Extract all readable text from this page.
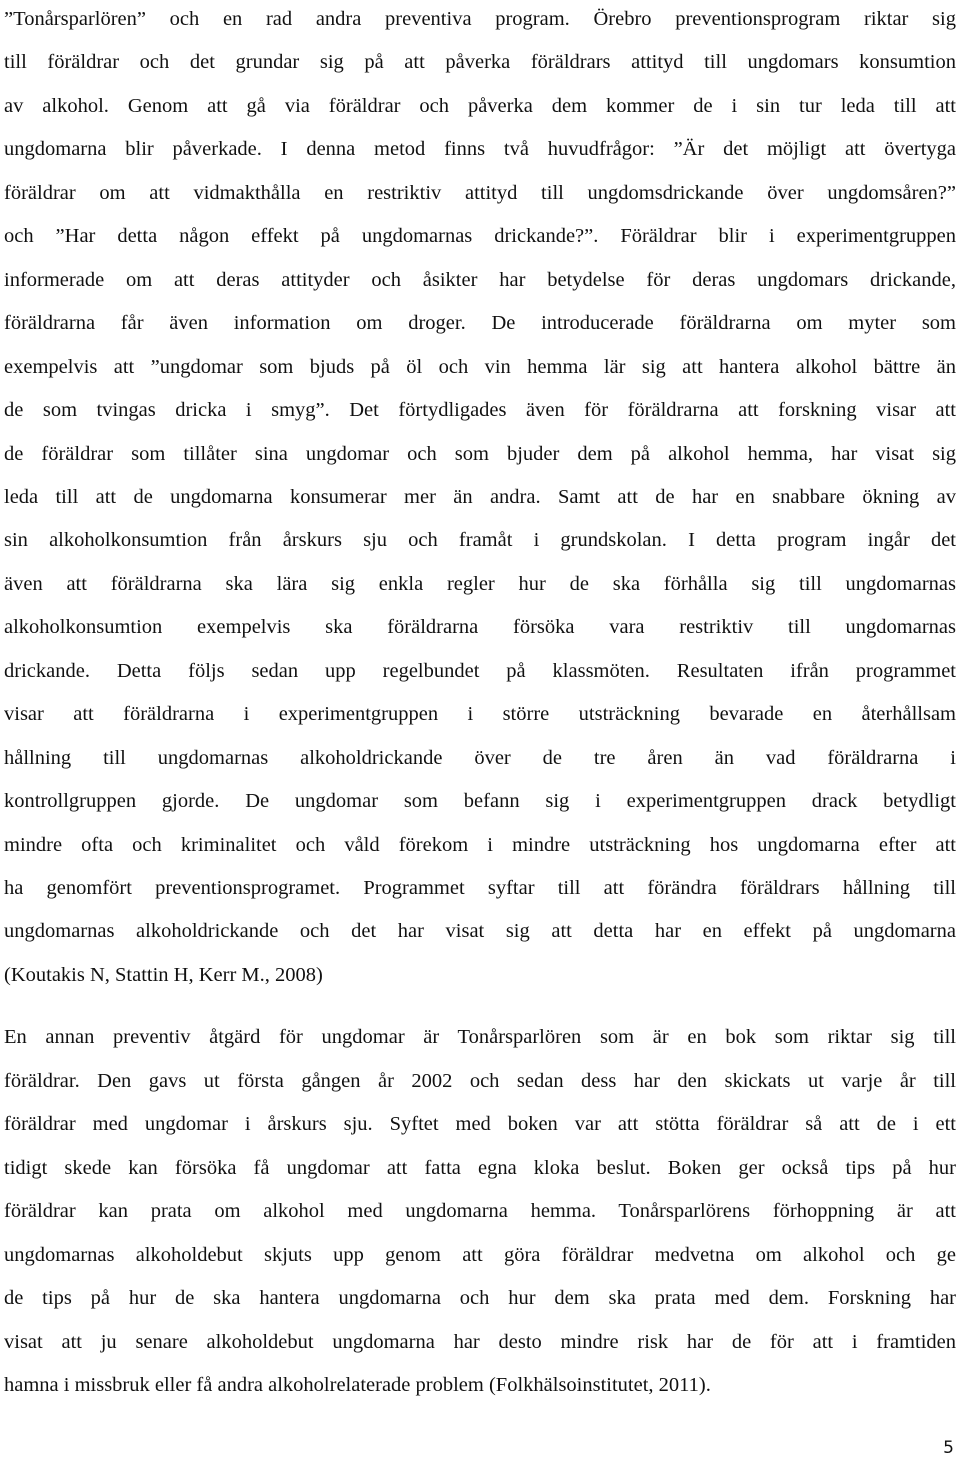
”Tonårsparlören” och en rad andra preventiva program. Örebro preventionsprogram riktar sig
till föräldrar och det grundar sig på att påverka föräldrars attityd till ungdomars konsumtion
av alkohol. Genom att gå via föräldrar och påverka dem kommer de i sin tur leda till att
ungdomarna blir påverkade. I denna metod finns två huvudfrågor: ”Är det möjligt att övertyga
föräldrar om att vidmakthålla en restriktiv attityd till ungdomsdrickande över ungdomsåren?”
och ”Har detta någon effekt på ungdomarnas drickande?”. Föräldrar blir i experimentgruppen
informerade om att deras attityder och åsikter har betydelse för deras ungdomars drickande,
föräldrarna får även information om droger. De introducerade föräldrarna om myter som
exempelvis att ”ungdomar som bjuds på öl och vin hemma lär sig att hantera alkohol bättre än
de som tvingas dricka i smyg”. Det förtydligades även för föräldrarna att forskning visar att
de föräldrar som tillåter sina ungdomar och som bjuder dem på alkohol hemma, har visat sig
leda till att de ungdomarna konsumerar mer än andra. Samt att de har en snabbare ökning av
sin alkoholkonsumtion från årskurs sju och framåt i grundskolan. I detta program ingår det
även att föräldrarna ska lära sig enkla regler hur de ska förhålla sig till ungdomarnas
alkoholkonsumtion exempelvis ska föräldrarna försöka vara restriktiv till ungdomarnas
drickande. Detta följs sedan upp regelbundet på klassmöten. Resultaten ifrån programmet
visar att föräldrarna i experimentgruppen i större utsträckning bevarade en återhållsam
hållning till ungdomarnas alkoholdrickande över de tre åren än vad föräldrarna i
kontrollgruppen gjorde. De ungdomar som befann sig i experimentgruppen drack betydligt
mindre ofta och kriminalitet och våld förekom i mindre utsträckning hos ungdomarna efter att
ha genomfört preventionsprogramet. Programmet syftar till att förändra föräldrars hållning till
ungdomarnas alkoholdrickande och det har visat sig att detta har en effekt på ungdomarna
(Koutakis N, Stattin H, Kerr M., 2008)
En annan preventiv åtgärd för ungdomar är Tonårsparlören som är en bok som riktar sig till
föräldrar. Den gavs ut första gången år 2002 och sedan dess har den skickats ut varje år till
föräldrar med ungdomar i årskurs sju. Syftet med boken var att stötta föräldrar så att de i ett
tidigt skede kan försöka få ungdomar att fatta egna kloka beslut. Boken ger också tips på hur
föräldrar kan prata om alkohol med ungdomarna hemma. Tonårsparlörens förhoppning är att
ungdomarnas alkoholdebut skjuts upp genom att göra föräldrar medvetna om alkohol och ge
de tips på hur de ska hantera ungdomarna och hur dem ska prata med dem. Forskning har
visat att ju senare alkoholdebut ungdomarna har desto mindre risk har de för att i framtiden
hamna i missbruk eller få andra alkoholrelaterade problem (Folkhälsoinstitutet, 2011).
5
